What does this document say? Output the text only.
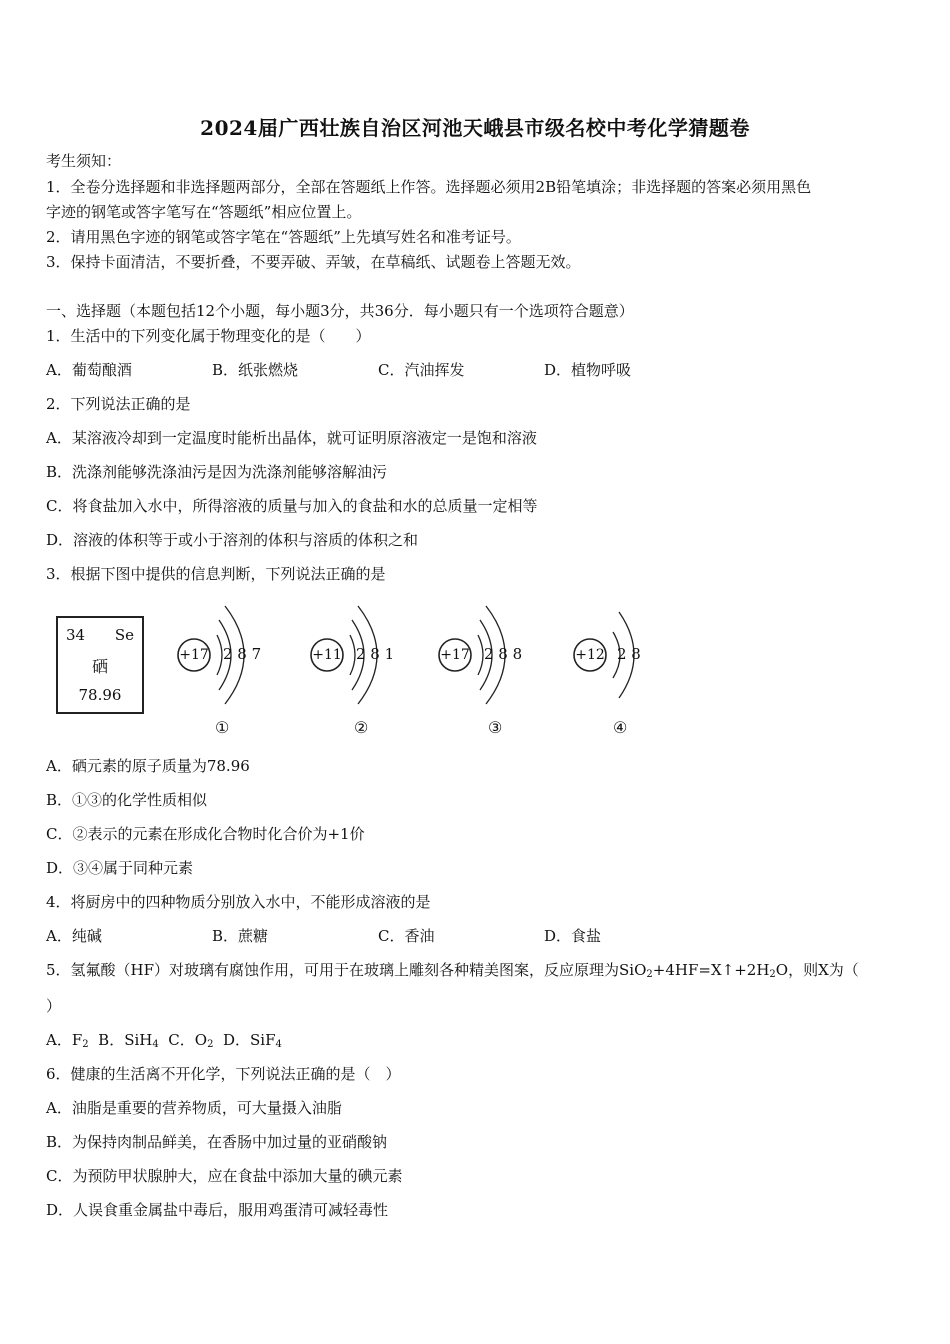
2024届广西壮族自治区河池天峨县市级名校中考化学猜题卷
考生须知：
1．全卷分选择题和非选择题两部分，全部在答题纸上作答。选择题必须用2B铅笔填涂；非选择题的答案必须用黑色
字迹的钢笔或答字笔写在“答题纸”相应位置上。
2．请用黑色字迹的钢笔或答字笔在“答题纸”上先填写姓名和准考证号。
3．保持卡面清洁，不要折叠，不要弄破、弄皱，在草稿纸、试题卷上答题无效。
一、选择题（本题包括12个小题，每小题3分，共36分．每小题只有一个选项符合题意）
1．生活中的下列变化属于物理变化的是（　　）
A．葡萄酿酒	B．纸张燃烧	C．汽油挥发	D．植物呼吸
2．下列说法正确的是
A．某溶液冷却到一定温度时能析出晶体，就可证明原溶液定一是饱和溶液
B．洗涤剂能够洗涤油污是因为洗涤剂能够溶解油污
C．将食盐加入水中，所得溶液的质量与加入的食盐和水的总质量一定相等
D．溶液的体积等于或小于溶剂的体积与溶质的体积之和
3．根据下图中提供的信息判断，下列说法正确的是
34 Se
硒
78.96
+17 2 8 7
①
+11 2 8 1
②
+17 2 8 8
③
+12 2 8
④
A．硒元素的原子质量为78.96
B．①③的化学性质相似
C．②表示的元素在形成化合物时化合价为+1价
D．③④属于同种元素
4．将厨房中的四种物质分别放入水中，不能形成溶液的是
A．纯碱	B．蔗糖	C．香油	D．食盐
5．氢氟酸（HF）对玻璃有腐蚀作用，可用于在玻璃上雕刻各种精美图案，反应原理为$SiO_2+4HF=X↑+2H_2O$，则X为（
）
A．$F_2$ B．SiH$_4$ C．$O_2$ D．SiF$_4$
6．健康的生活离不开化学，下列说法正确的是（　）
A．油脂是重要的营养物质，可大量摄入油脂
B．为保持肉制品鲜美，在香肠中加过量的亚硝酸钠
C．为预防甲状腺肿大，应在食盐中添加大量的碘元素
D．人误食重金属盐中毒后，服用鸡蛋清可减轻毒性
